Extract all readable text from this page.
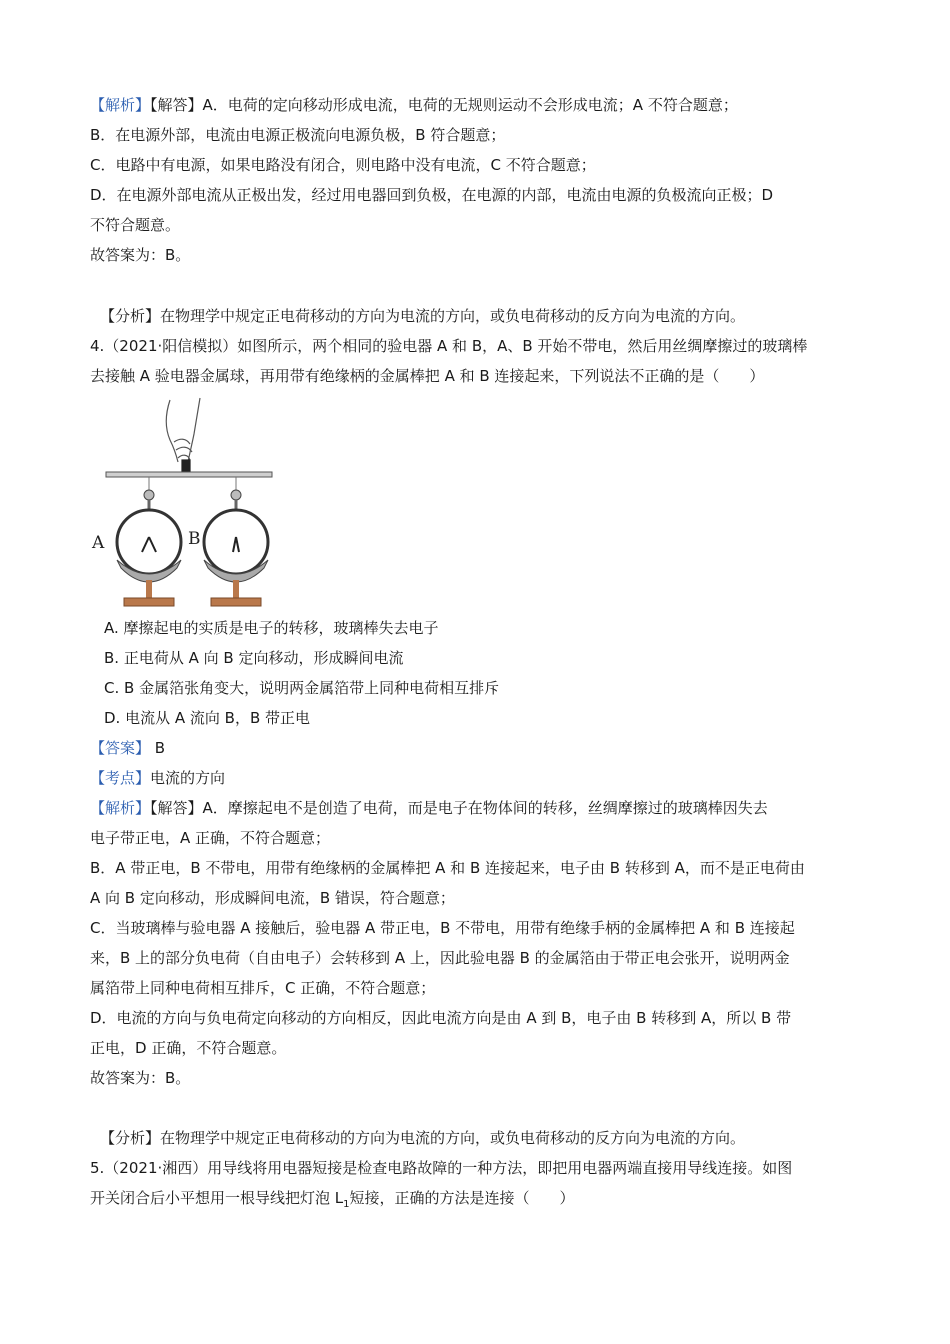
【解析】【解答】A．电荷的定向移动形成电流，电荷的无规则运动不会形成电流；A 不符合题意；
B．在电源外部，电流由电源正极流向电源负极，B 符合题意；
C．电路中有电源，如果电路没有闭合，则电路中没有电流，C 不符合题意；
D．在电源外部电流从正极出发，经过用电器回到负极，在电源的内部，电流由电源的负极流向正极；D
不符合题意。
故答案为：B。
【分析】在物理学中规定正电荷移动的方向为电流的方向，或负电荷移动的反方向为电流的方向。
4.（2021·阳信模拟）如图所示，两个相同的验电器 A 和 B，A、B 开始不带电，然后用丝绸摩擦过的玻璃棒
去接触 A 验电器金属球，再用带有绝缘柄的金属棒把 A 和 B 连接起来，下列说法不正确的是（　　）
A	B
A. 摩擦起电的实质是电子的转移，玻璃棒失去电子
B. 正电荷从 A 向 B 定向移动，形成瞬间电流
C. B 金属箔张角变大，说明两金属箔带上同种电荷相互排斥
D. 电流从 A 流向 B，B 带正电
【答案】 B
【考点】电流的方向
【解析】【解答】A．摩擦起电不是创造了电荷，而是电子在物体间的转移，丝绸摩擦过的玻璃棒因失去
电子带正电，A 正确，不符合题意；
B．A 带正电，B 不带电，用带有绝缘柄的金属棒把 A 和 B 连接起来，电子由 B 转移到 A，而不是正电荷由
A 向 B 定向移动，形成瞬间电流，B 错误，符合题意；
C．当玻璃棒与验电器 A 接触后，验电器 A 带正电，B 不带电，用带有绝缘手柄的金属棒把 A 和 B 连接起
来，B 上的部分负电荷（自由电子）会转移到 A 上，因此验电器 B 的金属箔由于带正电会张开，说明两金
属箔带上同种电荷相互排斥，C 正确，不符合题意；
D．电流的方向与负电荷定向移动的方向相反，因此电流方向是由 A 到 B，电子由 B 转移到 A，所以 B 带
正电，D 正确，不符合题意。
故答案为：B。
【分析】在物理学中规定正电荷移动的方向为电流的方向，或负电荷移动的反方向为电流的方向。
5.（2021·湘西）用导线将用电器短接是检查电路故障的一种方法，即把用电器两端直接用导线连接。如图
开关闭合后小平想用一根导线把灯泡 $L_1$短接，正确的方法是连接（　　）
